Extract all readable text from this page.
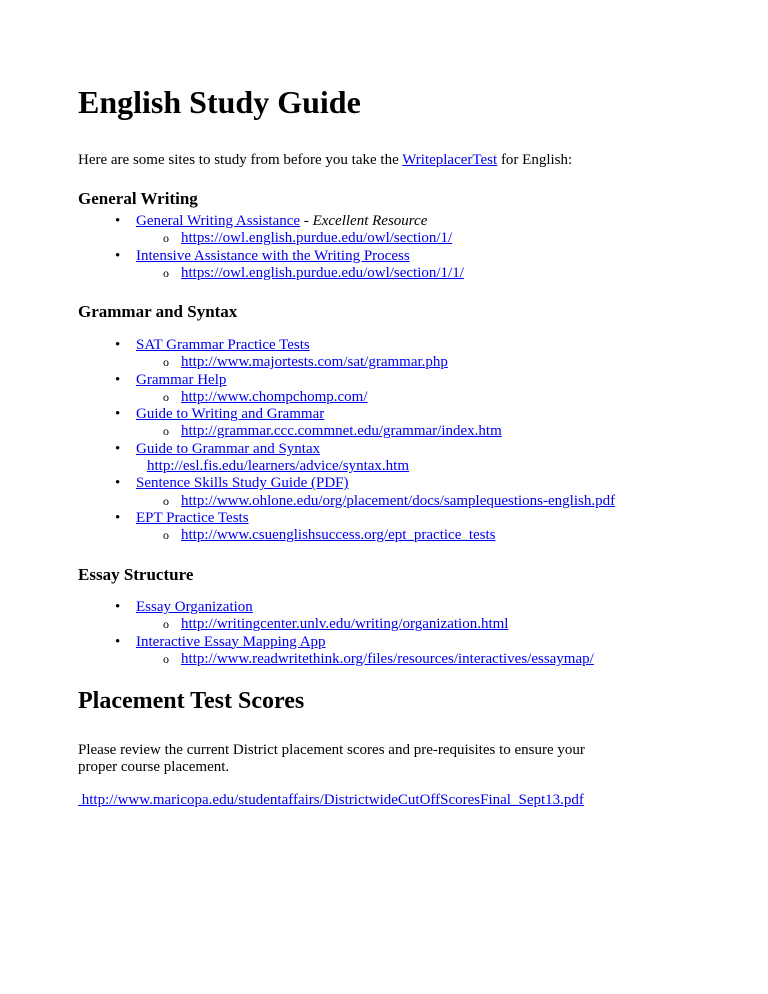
English Study Guide

Here are some sites to study from before you take the WriteplacerTest for English:

General Writing
• General Writing Assistance - Excellent Resource
o https://owl.english.purdue.edu/owl/section/1/
• Intensive Assistance with the Writing Process
o https://owl.english.purdue.edu/owl/section/1/1/
Grammar and Syntax
• SAT Grammar Practice Tests
o http://www.majortests.com/sat/grammar.php
• Grammar Help
o http://www.chompchomp.com/
• Guide to Writing and Grammar
o http://grammar.ccc.commnet.edu/grammar/index.htm
• Guide to Grammar and Syntax
http://esl.fis.edu/learners/advice/syntax.htm
• Sentence Skills Study Guide (PDF)
o http://www.ohlone.edu/org/placement/docs/samplequestions-english.pdf
• EPT Practice Tests
o http://www.csuenglishsuccess.org/ept_practice_tests
Essay Structure
• Essay Organization
o http://writingcenter.unlv.edu/writing/organization.html
• Interactive Essay Mapping App
o http://www.readwritethink.org/files/resources/interactives/essaymap/
Placement Test Scores

Please review the current District placement scores and pre-requisites to ensure your proper course placement.

http://www.maricopa.edu/studentaffairs/DistrictwideCutOffScoresFinal_Sept13.pdf
